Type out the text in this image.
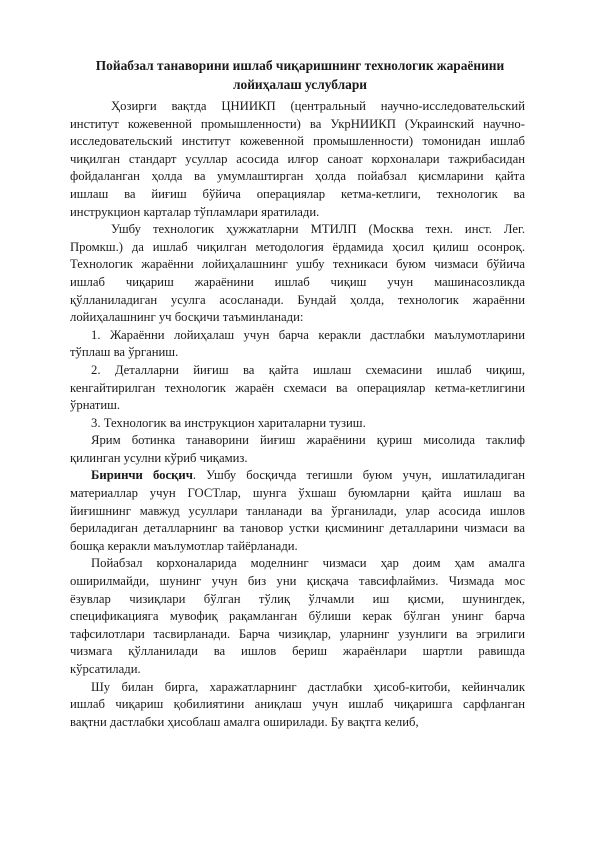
Пойабзал танаворини ишлаб чиқаришнинг технологик жараёнини
лойиҳалаш услублари
Ҳозирги вақтда ЦНИИКП (центральный научно-исследовательский
институт кожевенной промышленности) ва УкрНИИКП (Украинский научно-
исследовательский институт кожевенной промышленности) томонидан ишлаб
чиқилган стандарт усуллар асосида илғор саноат корхоналари тажрибасидан
фойдаланган ҳолда ва умумлаштирган ҳолда пойабзал қисмларини қайта
ишлаш ва йиғиш бўйича операциялар кетма-кетлиги, технологик ва
инструкцион карталар тўпламлари яратилади.
Ушбу технологик ҳужжатларни МТИЛП (Москва техн. инст. Лег.
Промкш.) да ишлаб чиқилган методология ёрдамида ҳосил қилиш осонроқ.
Технологик жараённи лойиҳалашнинг ушбу техникаси буюм чизмаси бўйича
ишлаб чиқариш жараёнини ишлаб чиқиш учун машинасозликда
қўлланиладиган усулга асосланади. Бундай ҳолда, технологик жараённи
лойиҳалашнинг уч босқичи таъминланади:
1. Жараённи лойиҳалаш учун барча керакли дастлабки маълумотларини
тўплаш ва ўрганиш.
2. Деталларни йиғиш ва қайта ишлаш схемасини ишлаб чиқиш,
кенгайтирилган технологик жараён схемаси ва операциялар кетма-кетлигини
ўрнатиш.
3. Технологик ва инструкцион хариталарни тузиш.
Ярим ботинка танаворини йиғиш жараёнини қуриш мисолида таклиф
қилинган усулни кўриб чиқамиз.
Биринчи босқич. Ушбу босқичда тегишли буюм учун, ишлатиладиган
материаллар учун ГОСТлар, шунга ўхшаш буюмларни қайта ишлаш ва
йиғишнинг мавжуд усуллари танланади ва ўрганилади, улар асосида ишлов
бериладиган деталларнинг ва тановор устки қисмининг деталларини чизмаси ва
бошқа керакли маълумотлар тайёрланади.
Пойабзал корхоналарида моделнинг чизмаси ҳар доим ҳам амалга
оширилмайди, шунинг учун биз уни қисқача тавсифлаймиз. Чизмада мос
ёзувлар чизиқлари бўлган тўлиқ ўлчамли иш қисми, шунингдек,
спецификацияга мувофиқ рақамланган бўлиши керак бўлган унинг барча
тафсилотлари тасвирланади. Барча чизиқлар, уларнинг узунлиги ва эгрилиги
чизмага қўлланилади ва ишлов бериш жараёнлари шартли равишда
кўрсатилади.
Шу билан бирга, харажатларнинг дастлабки ҳисоб-китоби, кейинчалик
ишлаб чиқариш қобилиятини аниқлаш учун ишлаб чиқаришга сарфланган
вақтни дастлабки ҳисоблаш амалга оширилади. Бу вақтга келиб,
